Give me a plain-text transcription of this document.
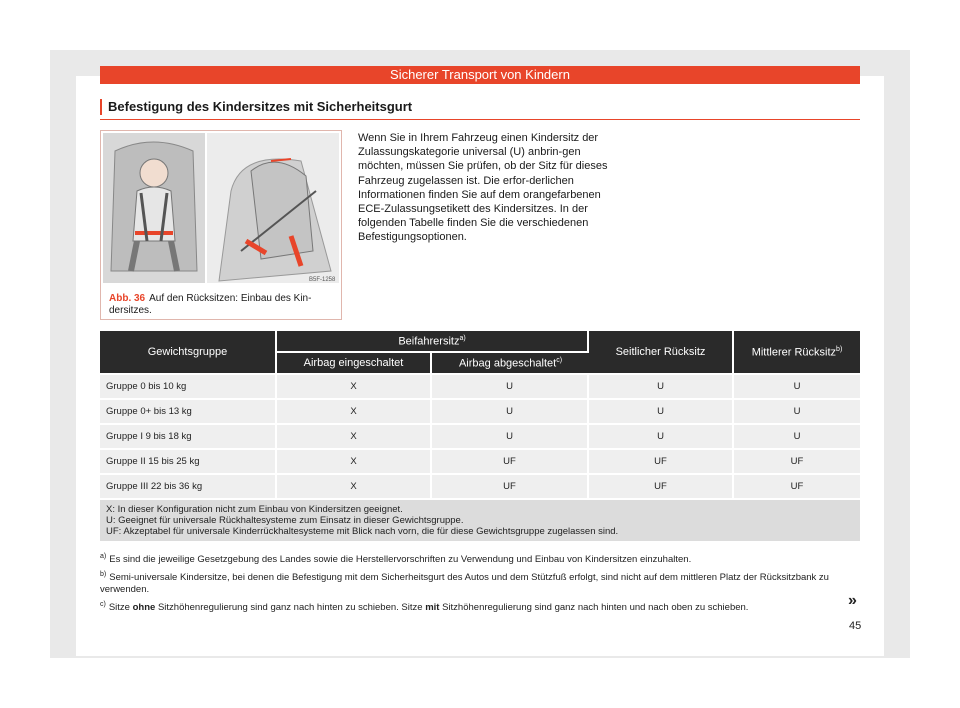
Sicherer Transport von Kindern
Befestigung des Kindersitzes mit Sicherheitsgurt
B5F-1258
Abb. 36 Auf den Rücksitzen: Einbau des Kin-dersitzes.
Wenn Sie in Ihrem Fahrzeug einen Kindersitz der Zulassungskategorie universal (U) anbrin-gen möchten, müssen Sie prüfen, ob der Sitz für dieses Fahrzeug zugelassen ist. Die erfor-derlichen Informationen finden Sie auf dem orangefarbenen ECE-Zulassungsetikett des Kindersitzes. In der folgenden Tabelle finden Sie die verschiedenen Befestigungsoptionen.
Gewichtsgruppe	Beifahrersitz$^{a)}$		Seitlicher Rücksitz	Mittlerer Rücksitz$^{b)}$
	Airbag eingeschaltet	Airbag abgeschaltet$^{c)}$
Gruppe 0 bis 10 kg	X	U	U	U
Gruppe 0+ bis 13 kg	X	U	U	U
Gruppe I 9 bis 18 kg	X	U	U	U
Gruppe II 15 bis 25 kg	X	UF	UF	UF
Gruppe III 22 bis 36 kg	X	UF	UF	UF

X: In dieser Konfiguration nicht zum Einbau von Kindersitzen geeignet.
U: Geeignet für universale Rückhaltesysteme zum Einsatz in dieser Gewichtsgruppe.
UF: Akzeptabel für universale Kinderrückhaltesysteme mit Blick nach vorn, die für diese Gewichtsgruppe zugelassen sind.				
$^{a)}$ Es sind die jeweilige Gesetzgebung des Landes sowie die Herstellervorschriften zu Verwendung und Einbau von Kindersitzen einzuhalten.
$^{b)}$ Semi-universale Kindersitze, bei denen die Befestigung mit dem Sicherheitsgurt des Autos und dem Stützfuß erfolgt, sind nicht auf dem mittleren Platz der Rücksitzbank zu verwenden.
$^{c)}$ Sitze ohne Sitzhöhenregulierung sind ganz nach hinten zu schieben. Sitze mit Sitzhöhenregulierung sind ganz nach hinten und nach oben zu schieben.	»
45
